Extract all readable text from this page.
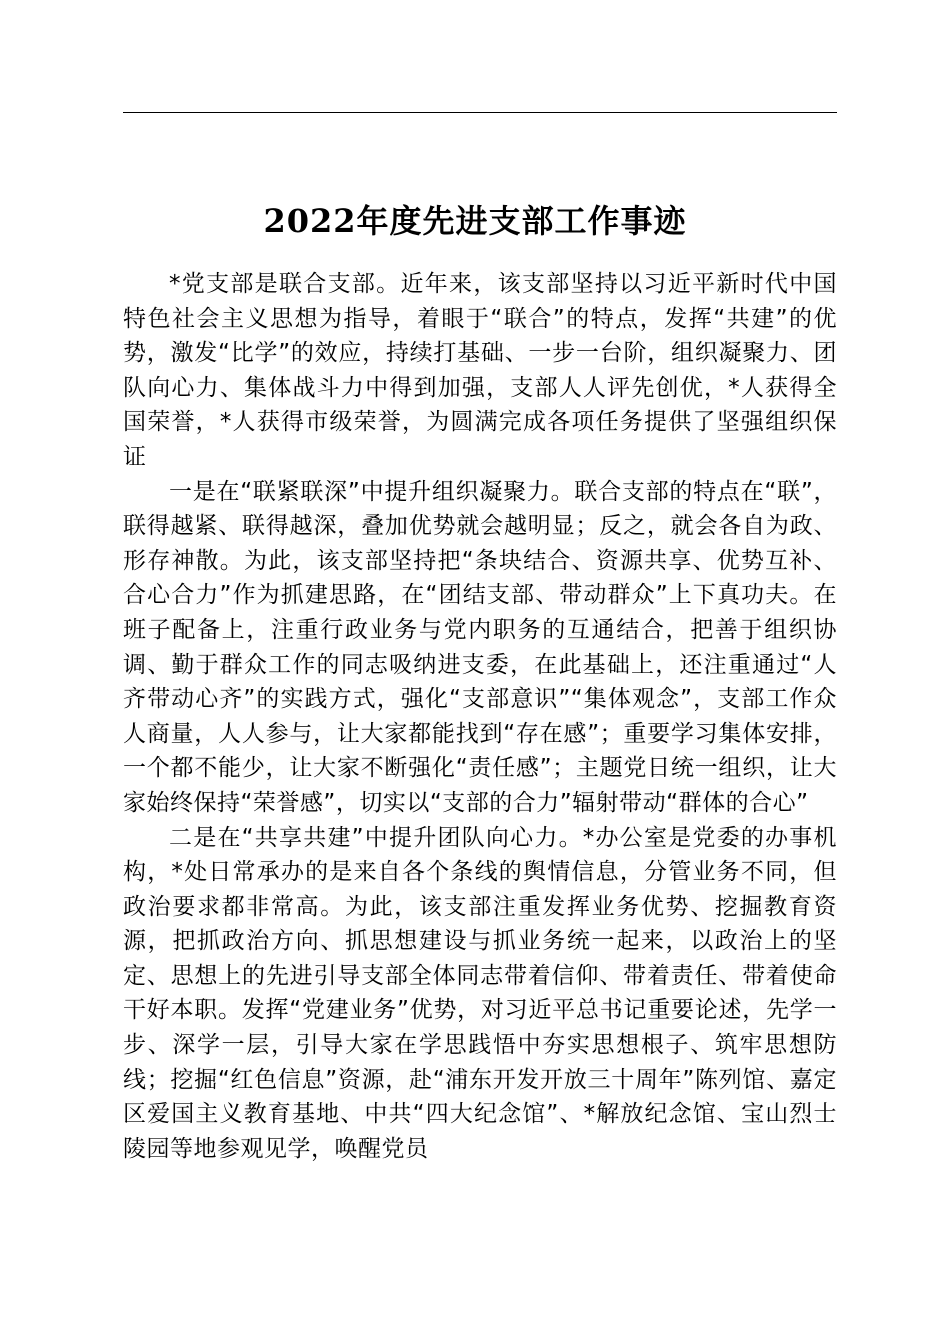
2022年度先进支部工作事迹

*党支部是联合支部。近年来，该支部坚持以习近平新时代中国特色社会主义思想为指导，着眼于“联合”的特点，发挥“共建”的优势，激发“比学”的效应，持续打基础、一步一台阶，组织凝聚力、团队向心力、集体战斗力中得到加强，支部人人评先创优，*人获得全国荣誉，*人获得市级荣誉，为圆满完成各项任务提供了坚强组织保证

一是在“联紧联深”中提升组织凝聚力。联合支部的特点在“联”，联得越紧、联得越深，叠加优势就会越明显；反之，就会各自为政、形存神散。为此，该支部坚持把“条块结合、资源共享、优势互补、合心合力”作为抓建思路，在“团结支部、带动群众”上下真功夫。在班子配备上，注重行政业务与党内职务的互通结合，把善于组织协调、勤于群众工作的同志吸纳进支委，在此基础上，还注重通过“人齐带动心齐”的实践方式，强化“支部意识”“集体观念”，支部工作众人商量，人人参与，让大家都能找到“存在感”；重要学习集体安排，一个都不能少，让大家不断强化“责任感”；主题党日统一组织，让大家始终保持“荣誉感”，切实以“支部的合力”辐射带动“群体的合心”

二是在“共享共建”中提升团队向心力。*办公室是党委的办事机构，*处日常承办的是来自各个条线的舆情信息，分管业务不同，但政治要求都非常高。为此，该支部注重发挥业务优势、挖掘教育资源，把抓政治方向、抓思想建设与抓业务统一起来，以政治上的坚定、思想上的先进引导支部全体同志带着信仰、带着责任、带着使命干好本职。发挥“党建业务”优势，对习近平总书记重要论述，先学一步、深学一层，引导大家在学思践悟中夯实思想根子、筑牢思想防线；挖掘“红色信息”资源，赴“浦东开发开放三十周年”陈列馆、嘉定区爱国主义教育基地、中共“四大纪念馆”、*解放纪念馆、宝山烈士陵园等地参观见学，唤醒党员
